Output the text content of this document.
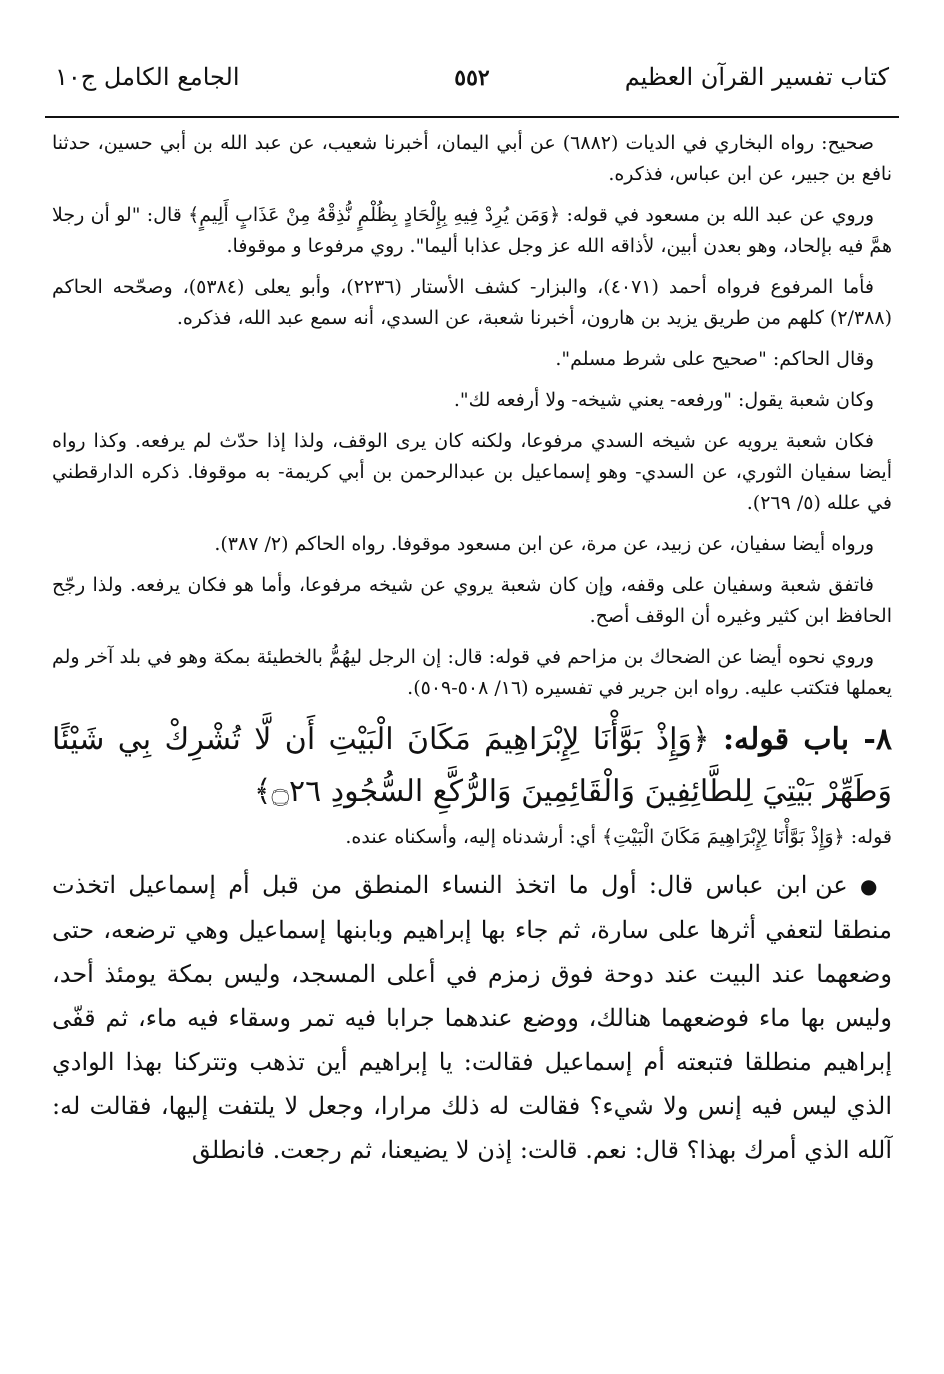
كتاب تفسير القرآن العظيم
٥٥٢
الجامع الكامل ج١٠

صحيح: رواه البخاري في الديات (٦٨٨٢) عن أبي اليمان، أخبرنا شعيب، عن عبد الله بن أبي حسين، حدثنا نافع بن جبير، عن ابن عباس، فذكره.

وروي عن عبد الله بن مسعود في قوله: ﴿وَمَن يُرِدْ فِيهِ بِإِلْحَادٍ بِظُلْمٍ نُّذِقْهُ مِنْ عَذَابٍ أَلِيمٍ﴾ قال: "لو أن رجلا همَّ فيه بإلحاد، وهو بعدن أبين، لأذاقه الله عز وجل عذابا أليما". روي مرفوعا و موقوفا.

فأما المرفوع فرواه أحمد (٤٠٧١)، والبزار- كشف الأستار (٢٢٣٦)، وأبو يعلى (٥٣٨٤)، وصحّحه الحاكم (٢/٣٨٨) كلهم من طريق يزيد بن هارون، أخبرنا شعبة، عن السدي، أنه سمع عبد الله، فذكره.

وقال الحاكم: "صحيح على شرط مسلم".

وكان شعبة يقول: "ورفعه- يعني شيخه- ولا أرفعه لك".

فكان شعبة يرويه عن شيخه السدي مرفوعا، ولكنه كان يرى الوقف، ولذا إذا حدّث لم يرفعه. وكذا رواه أيضا سفيان الثوري، عن السدي- وهو إسماعيل بن عبدالرحمن بن أبي كريمة- به موقوفا. ذكره الدارقطني في علله (٥/ ٢٦٩).

ورواه أيضا سفيان، عن زبيد، عن مرة، عن ابن مسعود موقوفا. رواه الحاكم (٢/ ٣٨٧).

فاتفق شعبة وسفيان على وقفه، وإن كان شعبة يروي عن شيخه مرفوعا، وأما هو فكان يرفعه. ولذا رجّح الحافظ ابن كثير وغيره أن الوقف أصح.

وروي نحوه أيضا عن الضحاك بن مزاحم في قوله: قال: إن الرجل ليهُمُّ بالخطيئة بمكة وهو في بلد آخر ولم يعملها فتكتب عليه. رواه ابن جرير في تفسيره (١٦/ ٥٠٨-٥٠٩).

٨- باب قوله: ﴿وَإِذْ بَوَّأْنَا لِإِبْرَاهِيمَ مَكَانَ الْبَيْتِ أَن لَّا تُشْرِكْ بِي شَيْئًا وَطَهِّرْ بَيْتِيَ لِلطَّائِفِينَ وَالْقَائِمِينَ وَالرُّكَّعِ السُّجُودِ ۝٢٦﴾

قوله: ﴿وَإِذْ بَوَّأْنَا لِإِبْرَاهِيمَ مَكَانَ الْبَيْتِ﴾ أي: أرشدناه إليه، وأسكناه عنده.

● عن ابن عباس قال: أول ما اتخذ النساء المنطق من قبل أم إسماعيل اتخذت منطقا لتعفي أثرها على سارة، ثم جاء بها إبراهيم وبابنها إسماعيل وهي ترضعه، حتى وضعهما عند البيت عند دوحة فوق زمزم في أعلى المسجد، وليس بمكة يومئذ أحد، وليس بها ماء فوضعهما هنالك، ووضع عندهما جرابا فيه تمر وسقاء فيه ماء، ثم قفّى إبراهيم منطلقا فتبعته أم إسماعيل فقالت: يا إبراهيم أين تذهب وتتركنا بهذا الوادي الذي ليس فيه إنس ولا شيء؟ فقالت له ذلك مرارا، وجعل لا يلتفت إليها، فقالت له: آلله الذي أمرك بهذا؟ قال: نعم. قالت: إذن لا يضيعنا، ثم رجعت. فانطلق
